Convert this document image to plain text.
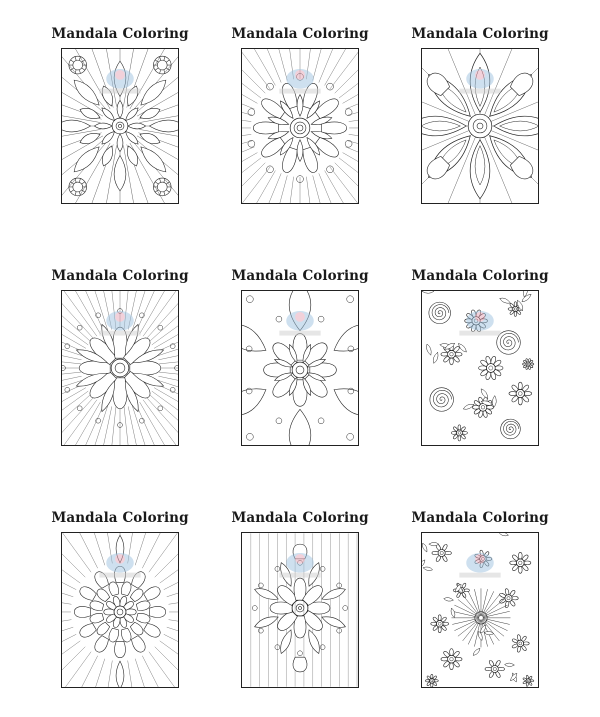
Mandala Coloring	Mandala Coloring	Mandala Coloring
Mandala Coloring	Mandala Coloring	Mandala Coloring
Mandala Coloring	Mandala Coloring	Mandala Coloring
